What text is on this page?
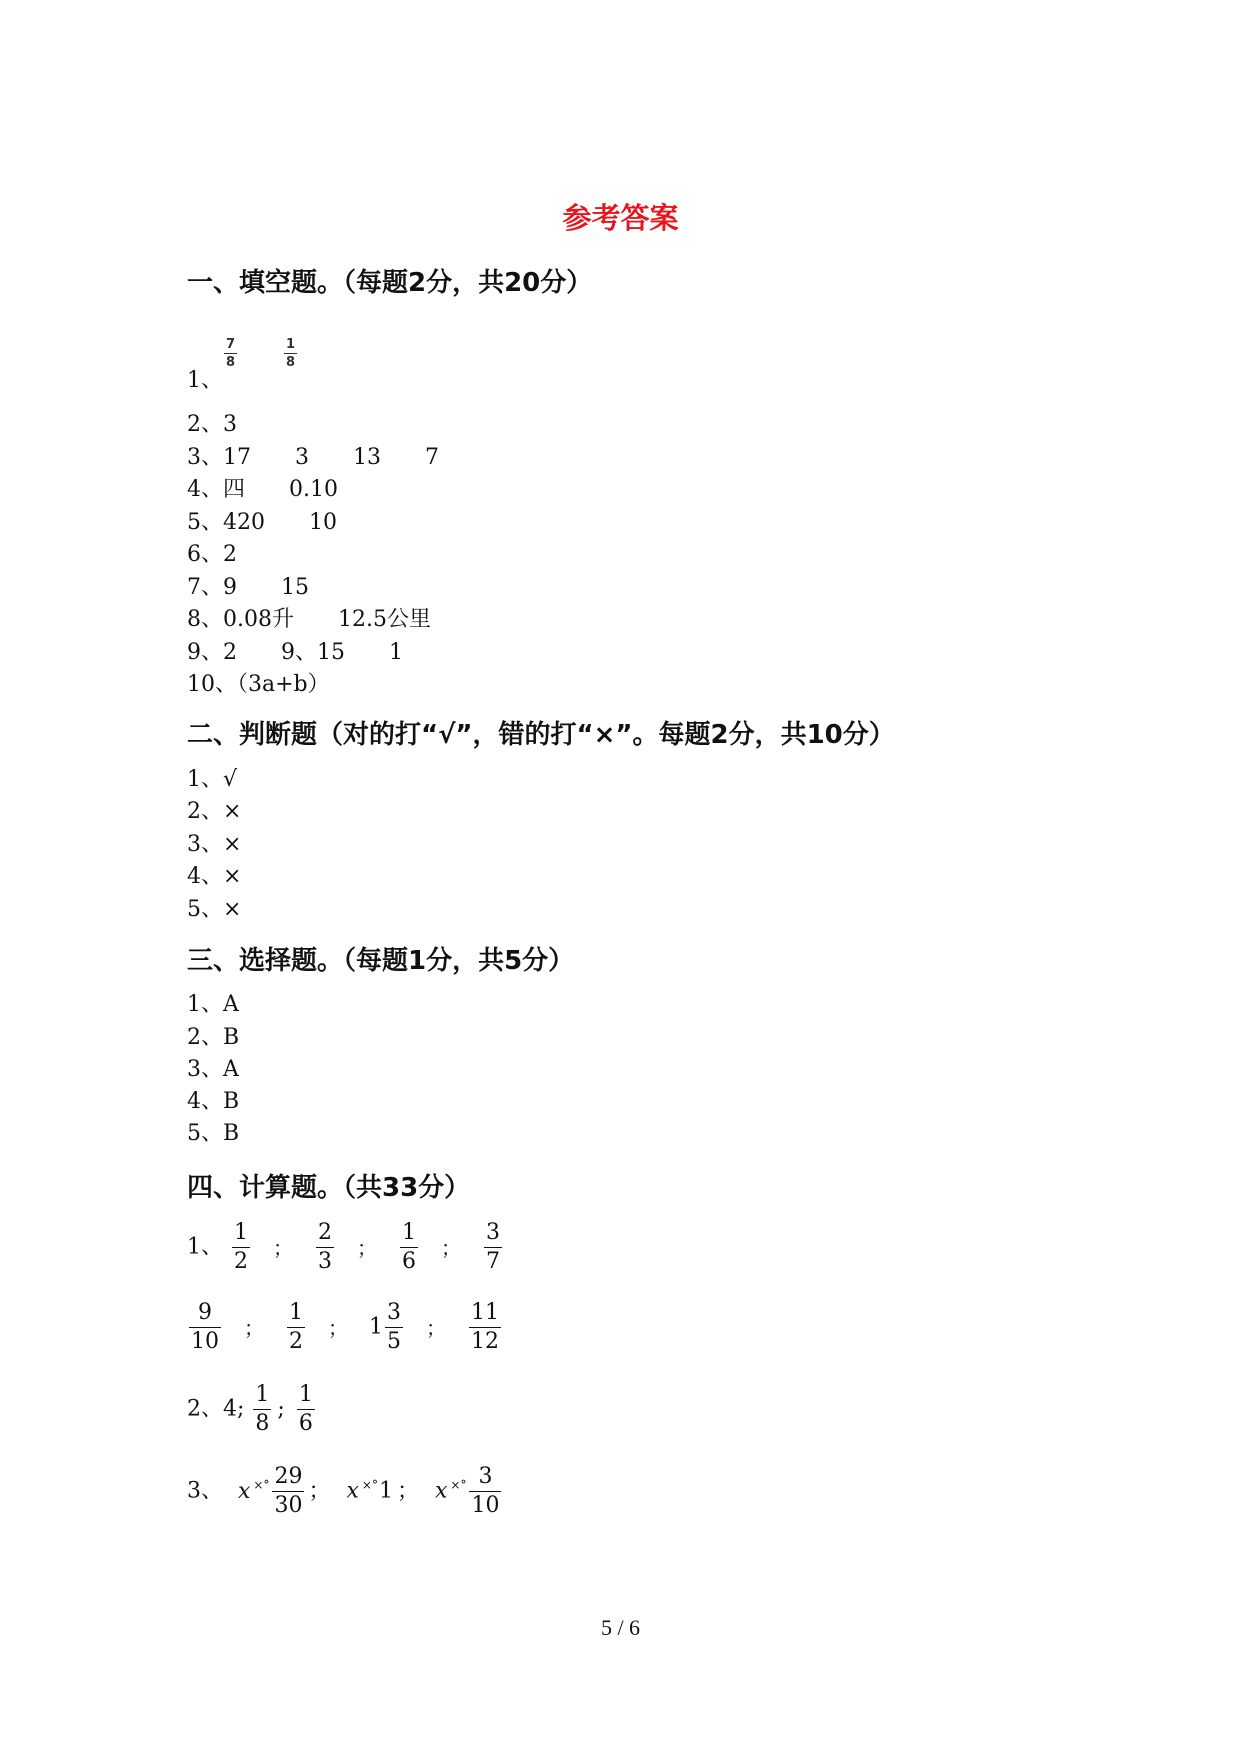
参考答案
一、填空题。（每题2分，共20分）
1、
$\frac{7}{8}$	$\frac{1}{8}$
2、3
3、17　　3　　13　　7
4、四　　0.10
5、420　　10
6、2
7、9　　15
8、0.08升　　12.5公里
9、2　　9、15　　1
10、（3a+b）
二、判断题（对的打“√”，错的打“×”。每题2分，共10分）
1、√
2、×
3、×
4、×
5、×
三、选择题。（每题1分，共5分）
1、A
2、B
3、A
4、B
5、B
四、计算题。（共33分）
1、 $\frac{1}{2}$ ； $\frac{2}{3}$ ； $\frac{1}{6}$ ； $\frac{3}{7}$
$\frac{9}{10}$ ； $\frac{1}{2}$ ； $1 \frac{3}{5}$ ； $\frac{11}{12}$
2、4; $\frac{1}{8}$ ; $\frac{1}{6}$
3、 x $^{\times^\circ} \frac{29}{30}$ ； x ×°1 ； x $^{\times^\circ} \frac{3}{10}$
5 / 6
